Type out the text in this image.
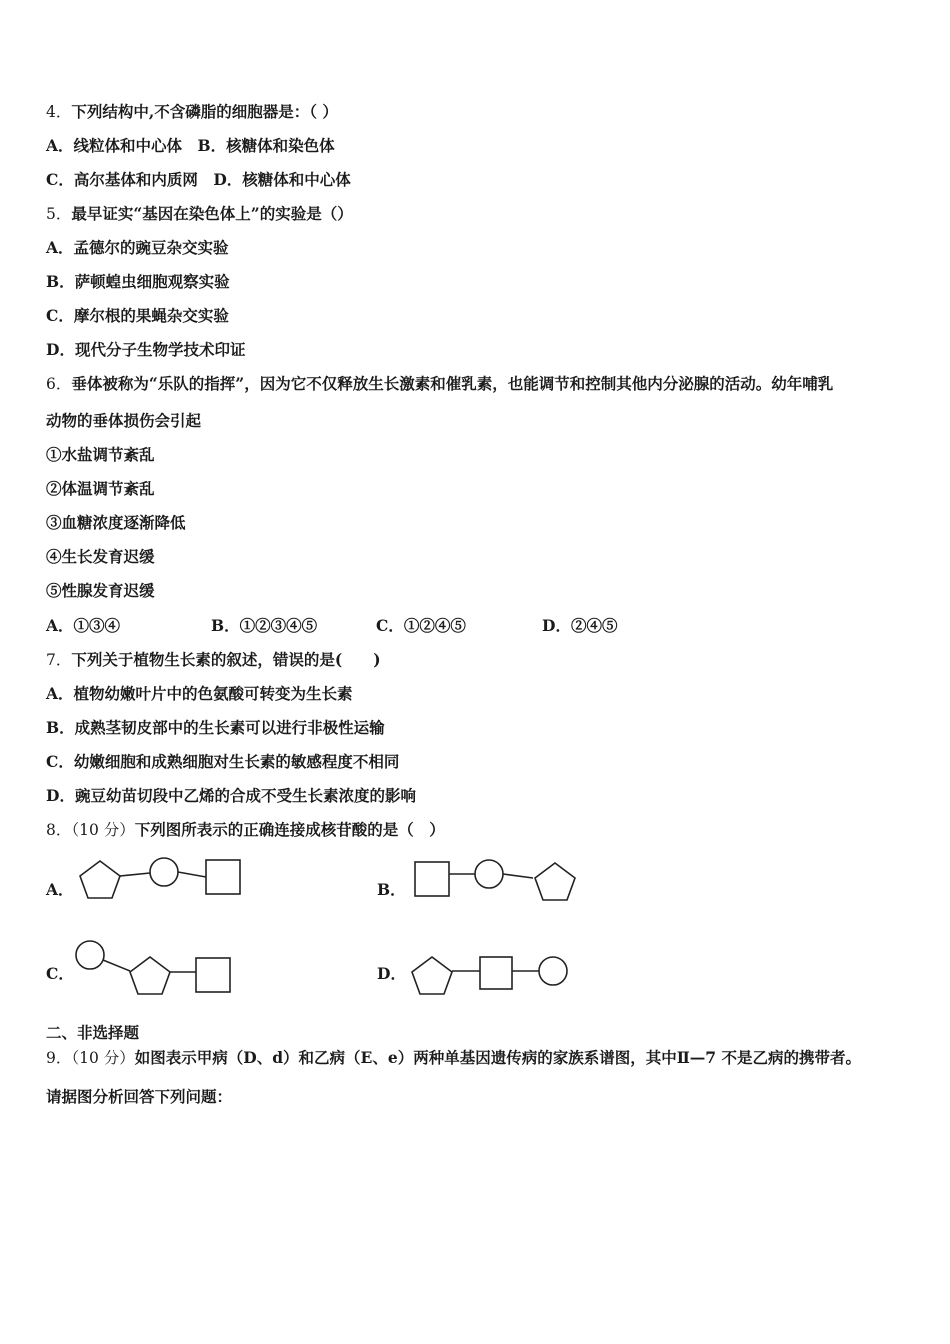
4．下列结构中,不含磷脂的细胞器是：（ ）
A．线粒体和中心体　B．核糖体和染色体
C．高尔基体和内质网　D．核糖体和中心体
5．最早证实“基因在染色体上”的实验是（）
A．孟德尔的豌豆杂交实验
B．萨顿蝗虫细胞观察实验
C．摩尔根的果蝇杂交实验
D．现代分子生物学技术印证
6．垂体被称为“乐队的指挥”，因为它不仅释放生长激素和催乳素，也能调节和控制其他内分泌腺的活动。幼年哺乳
动物的垂体损伤会引起
①水盐调节紊乱
②体温调节紊乱
③血糖浓度逐渐降低
④生长发育迟缓
⑤性腺发育迟缓
A．①③④	B．①②③④⑤	C．①②④⑤	D．②④⑤
7．下列关于植物生长素的叙述，错误的是(　　)
A．植物幼嫩叶片中的色氨酸可转变为生长素
B．成熟茎韧皮部中的生长素可以进行非极性运输
C．幼嫩细胞和成熟细胞对生长素的敏感程度不相同
D．豌豆幼苗切段中乙烯的合成不受生长素浓度的影响
8．（10 分）下列图所表示的正确连接成核苷酸的是（　）
A．	B．
C．	D．
二、非选择题
9．（10 分）如图表示甲病（D、d）和乙病（E、e）两种单基因遗传病的家族系谱图，其中Ⅱ—7 不是乙病的携带者。
请据图分析回答下列问题：
